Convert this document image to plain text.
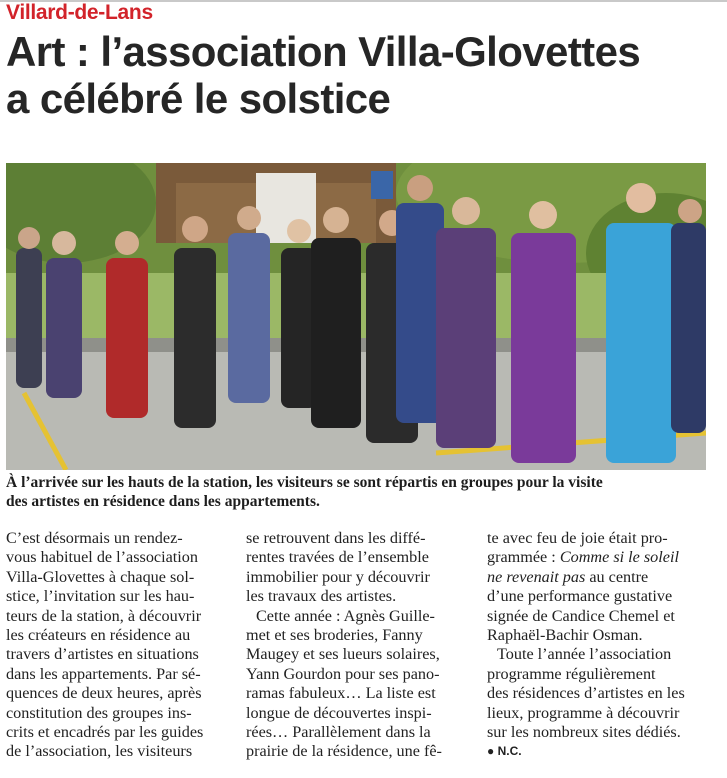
Villard-de-Lans
Art : l’association Villa-Glovettes
a célébré le solstice

À l’arrivée sur les hauts de la station, les visiteurs se sont répartis en groupes pour la visite
des artistes en résidence dans les appartements.

C’est désormais un rendez-
vous habituel de l’association
Villa-Glovettes à chaque sol-
stice, l’invitation sur les hau-
teurs de la station, à découvrir
les créateurs en résidence au
travers d’artistes en situations
dans les appartements. Par sé-
quences de deux heures, après
constitution des groupes ins-
crits et encadrés par les guides
de l’association, les visiteurs
se retrouvent dans les diffé-
rentes travées de l’ensemble
immobilier pour y découvrir
les travaux des artistes.
Cette année : Agnès Guille-
met et ses broderies, Fanny
Maugey et ses lueurs solaires,
Yann Gourdon pour ses pano-
ramas fabuleux… La liste est
longue de découvertes inspi-
rées… Parallèlement dans la
prairie de la résidence, une fê-
te avec feu de joie était pro-
grammée : Comme si le soleil
ne revenait pas au centre
d’une performance gustative
signée de Candice Chemel et
Raphaël-Bachir Osman.
Toute l’année l’association
programme régulièrement
des résidences d’artistes en les
lieux, programme à découvrir
sur les nombreux sites dédiés.
● N.C.
